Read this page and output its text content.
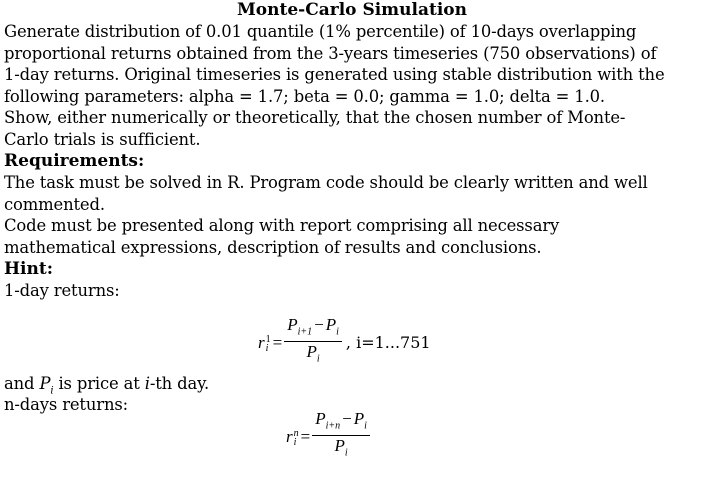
Monte-Carlo Simulation

Generate distribution of 0.01 quantile (1% percentile) of 10-days overlapping
proportional returns obtained from the 3-years timeseries (750 observations) of
1-day returns. Original timeseries is generated using stable distribution with the
following parameters: alpha = 1.7; beta = 0.0; gamma = 1.0; delta = 1.0.
Show, either numerically or theoretically, that the chosen number of Monte-
Carlo trials is sufficient.

Requirements:

The task must be solved in R. Program code should be clearly written and well
commented.
Code must be presented along with report comprising all necessary
mathematical expressions, description of results and conclusions.

Hint:

1-day returns:

r 1
$i = \frac{P_{i+1} - P_i}{P_i}$ , i=1...751
and $P_i$ is price at i-th day.
n-days returns:
r n
$i = \frac{P_{i+n} - P_i}{P_i}$
